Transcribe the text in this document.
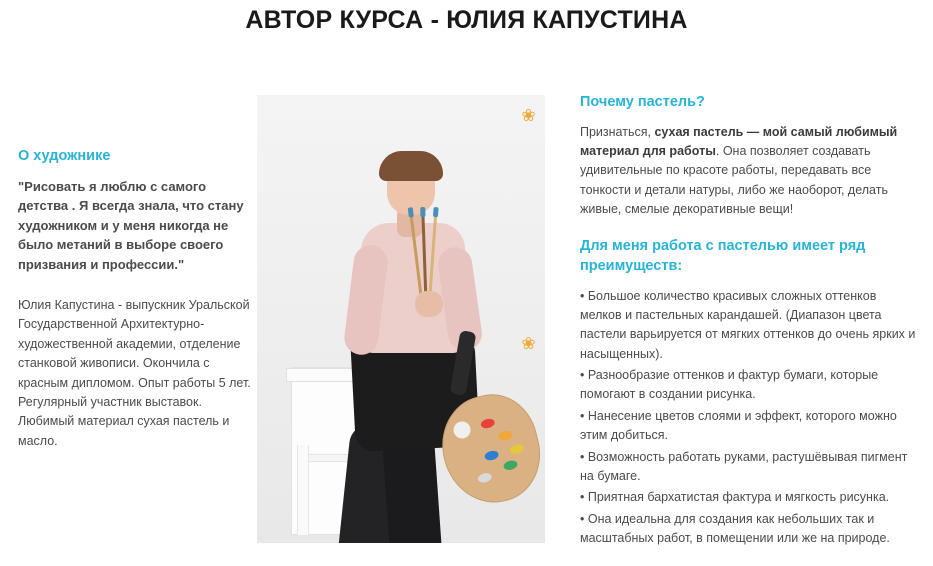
АВТОР КУРСА - ЮЛИЯ КАПУСТИНА
О художнике

"Рисовать я люблю с самого детства . Я всегда знала, что стану художником и у меня никогда не было метаний в выборе своего призвания и профессии."

Юлия Капустина - выпускник Уральской Государственной Архитектурно-художественной академии, отделение станковой живописи. Окончила с красным дипломом. Опыт работы 5 лет. Регулярный участник выставок. Любимый материал сухая пастель и масло.

❀
❀
Почему пастель?

Признаться, сухая пастель — мой самый любимый материал для работы. Она позволяет создавать удивительные по красоте работы, передавать все тонкости и детали натуры, либо же наоборот, делать живые, смелые декоративные вещи!

Для меня работа с пастелью имеет ряд преимуществ:
• Большое количество красивых сложных оттенков мелков и пастельных карандашей. (Диапазон цвета пастели варьируется от мягких оттенков до очень ярких и насыщенных).
• Разнообразие оттенков и фактур бумаги, которые помогают в создании рисунка.
• Нанесение цветов слоями и эффект, которого можно этим добиться.
• Возможность работать руками, растушёвывая пигмент на бумаге.
• Приятная бархатистая фактура и мягкость рисунка.
• Она идеальна для создания как небольших так и масштабных работ, в помещении или же на природе.
